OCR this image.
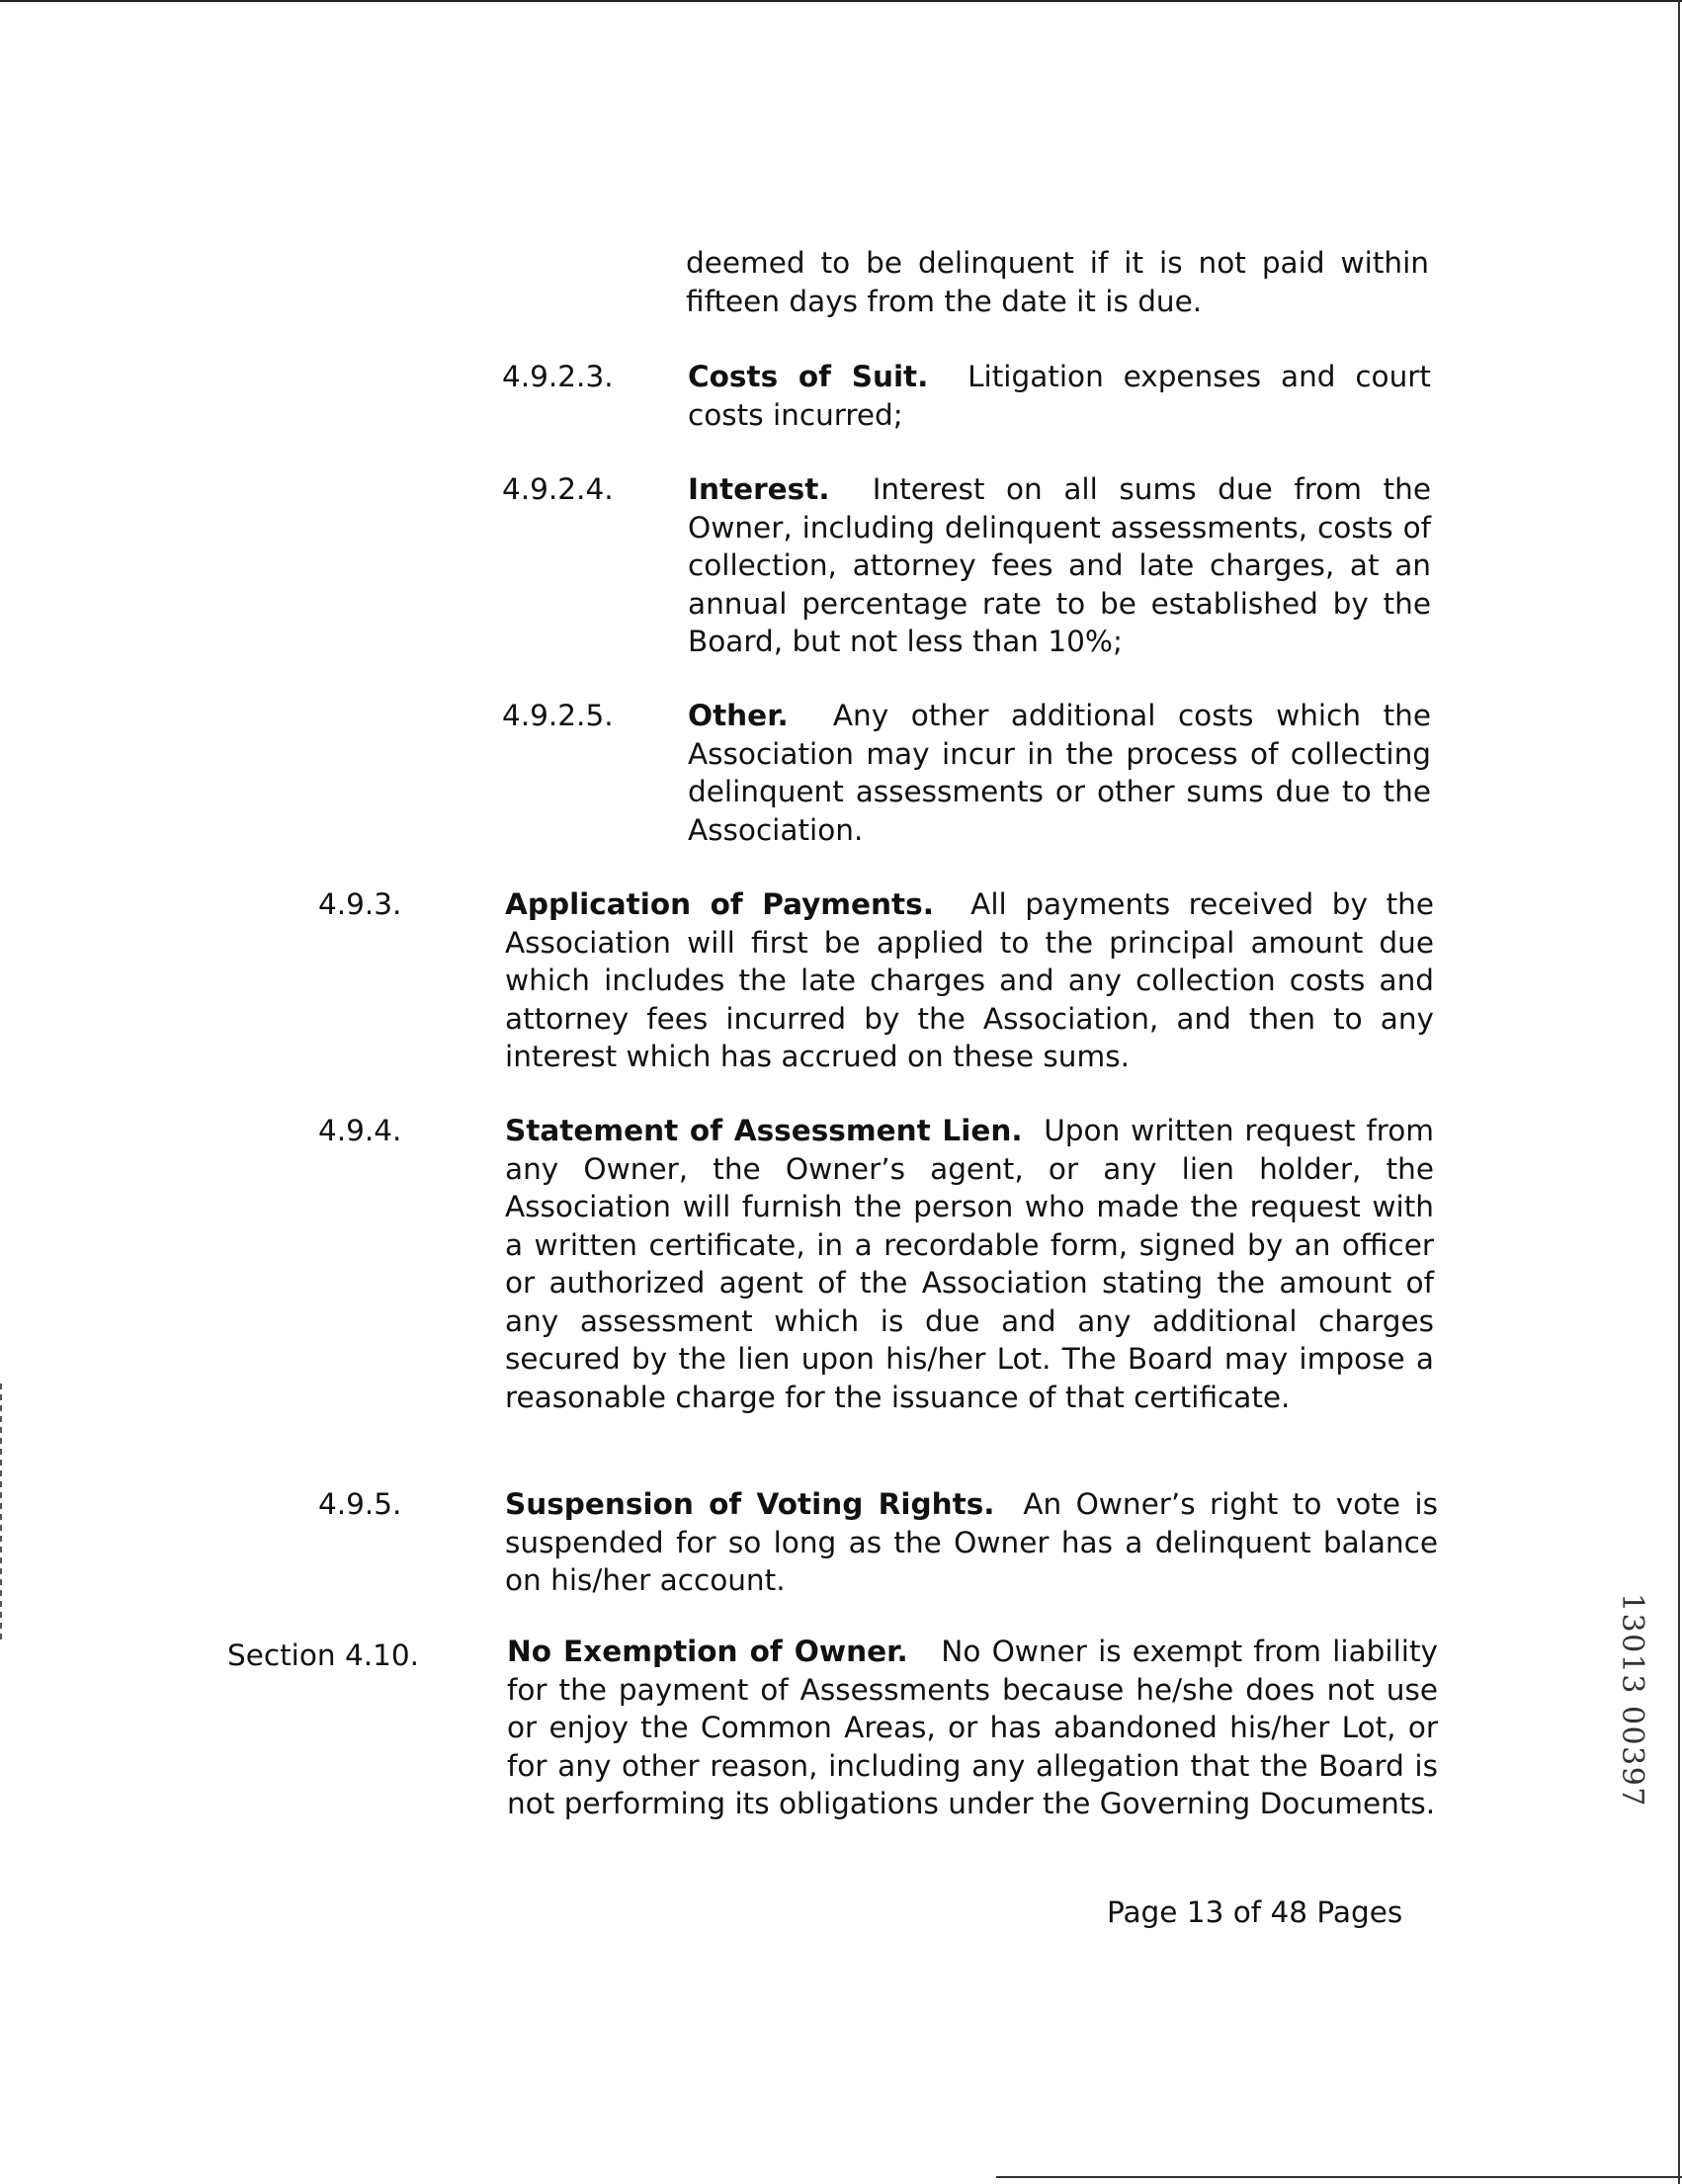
deemed to be delinquent if it is not paid within fifteen days from the date it is due.
4.9.2.3.	Costs of Suit. Litigation expenses and court costs incurred;
4.9.2.4.	Interest. Interest on all sums due from the Owner, including delinquent assessments, costs of collection, attorney fees and late charges, at an annual percentage rate to be established by the Board, but not less than 10%;
4.9.2.5.	Other. Any other additional costs which the Association may incur in the process of collecting delinquent assessments or other sums due to the Association.
4.9.3.	Application of Payments. All payments received by the Association will first be applied to the principal amount due which includes the late charges and any collection costs and attorney fees incurred by the Association, and then to any interest which has accrued on these sums.
4.9.4.	Statement of Assessment Lien. Upon written request from any Owner, the Owner’s agent, or any lien holder, the Association will furnish the person who made the request with a written certificate, in a recordable form, signed by an officer or authorized agent of the Association stating the amount of any assessment which is due and any additional charges secured by the lien upon his/her Lot. The Board may impose a reasonable charge for the issuance of that certificate.
4.9.5.	Suspension of Voting Rights. An Owner’s right to vote is suspended for so long as the Owner has a delinquent balance on his/her account.
Section 4.10.	No Exemption of Owner. No Owner is exempt from liability for the payment of Assessments because he/she does not use or enjoy the Common Areas, or has abandoned his/her Lot, or for any other reason, including any allegation that the Board is not performing its obligations under the Governing Documents.
Page 13 of 48 Pages
13013 00397
